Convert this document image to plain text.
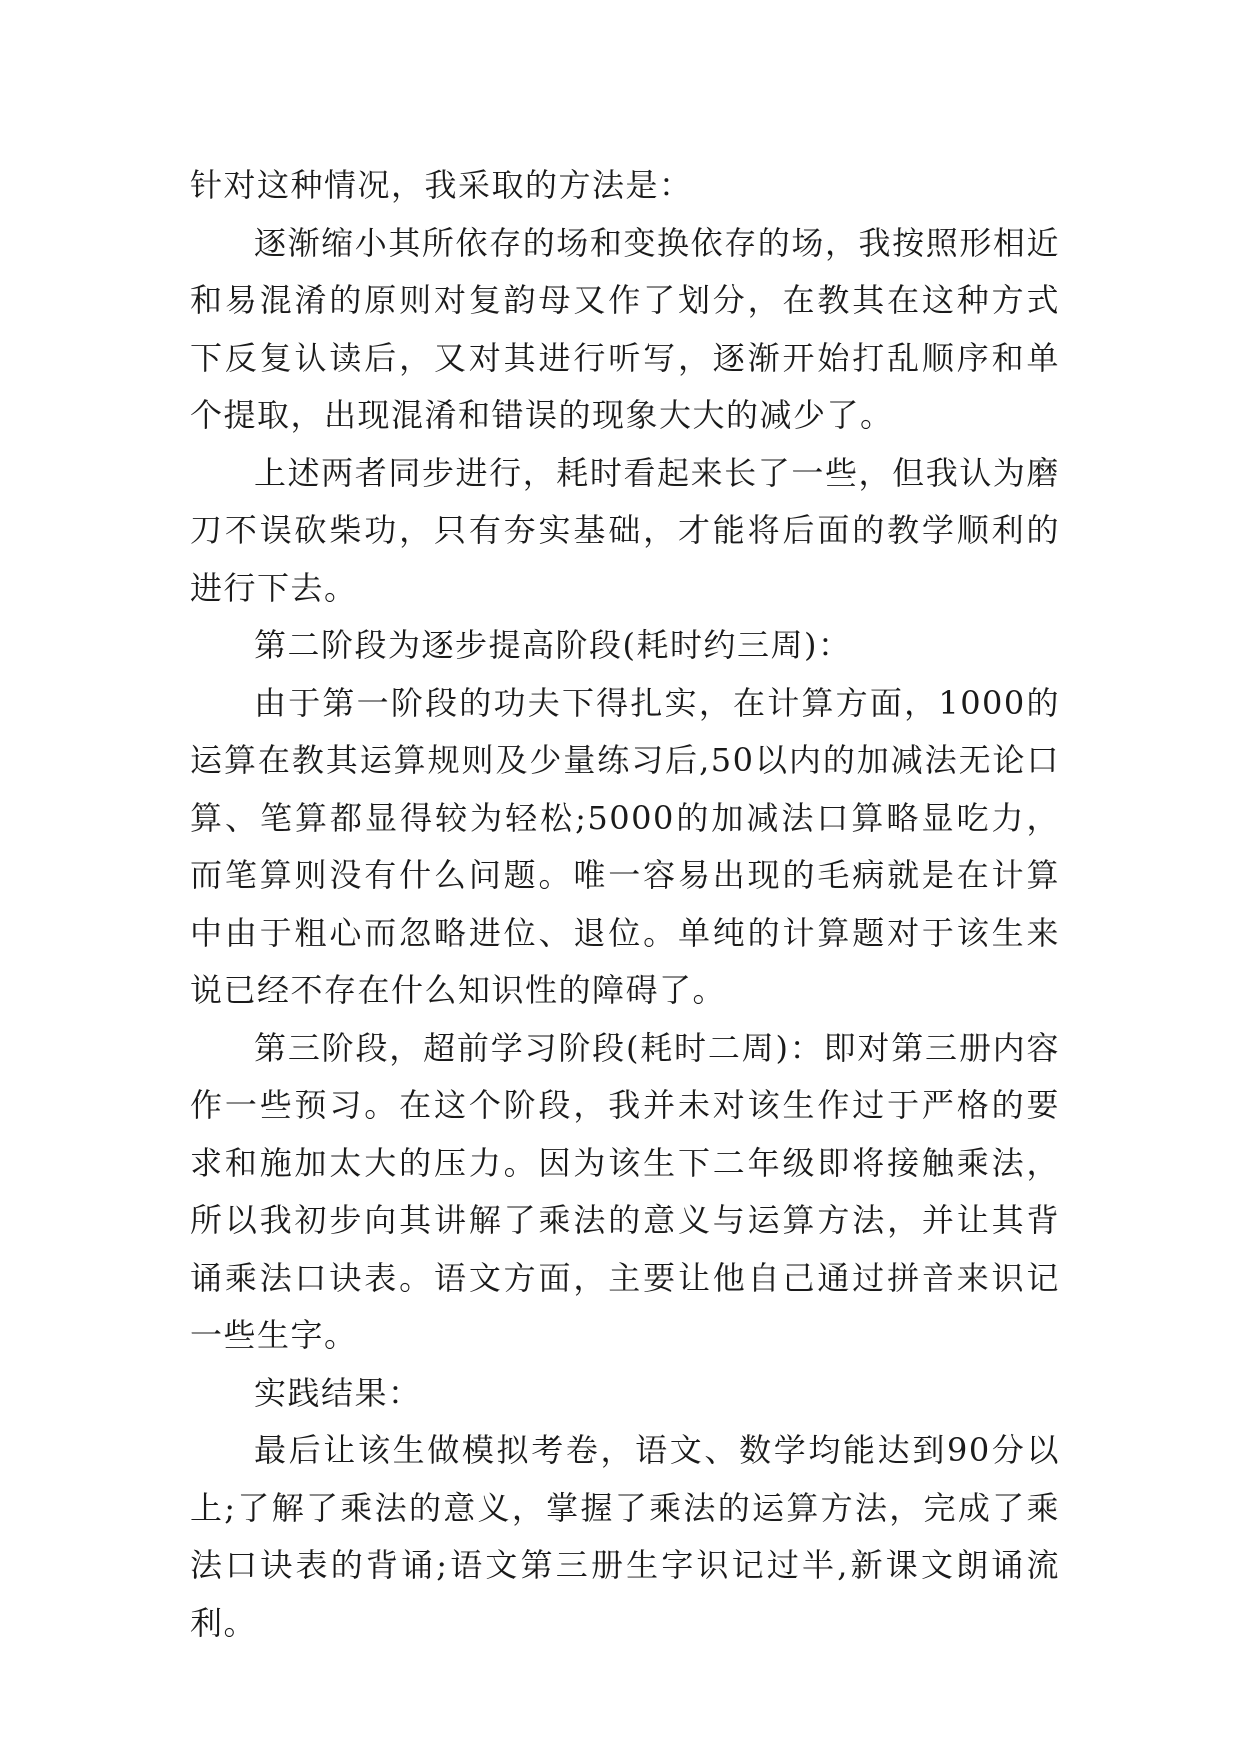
针对这种情况，我采取的方法是：

逐渐缩小其所依存的场和变换依存的场，我按照形相近和易混淆的原则对复韵母又作了划分，在教其在这种方式下反复认读后，又对其进行听写，逐渐开始打乱顺序和单个提取，出现混淆和错误的现象大大的减少了。

上述两者同步进行，耗时看起来长了一些，但我认为磨刀不误砍柴功，只有夯实基础，才能将后面的教学顺利的进行下去。

第二阶段为逐步提高阶段(耗时约三周)：

由于第一阶段的功夫下得扎实，在计算方面，1000的运算在教其运算规则及少量练习后,50以内的加减法无论口算、笔算都显得较为轻松;5000的加减法口算略显吃力，而笔算则没有什么问题。唯一容易出现的毛病就是在计算中由于粗心而忽略进位、退位。单纯的计算题对于该生来说已经不存在什么知识性的障碍了。

第三阶段，超前学习阶段(耗时二周)：即对第三册内容作一些预习。在这个阶段，我并未对该生作过于严格的要求和施加太大的压力。因为该生下二年级即将接触乘法，所以我初步向其讲解了乘法的意义与运算方法，并让其背诵乘法口诀表。语文方面，主要让他自己通过拼音来识记一些生字。

实践结果：

最后让该生做模拟考卷，语文、数学均能达到90分以上;了解了乘法的意义，掌握了乘法的运算方法，完成了乘法口诀表的背诵;语文第三册生字识记过半,新课文朗诵流利。
